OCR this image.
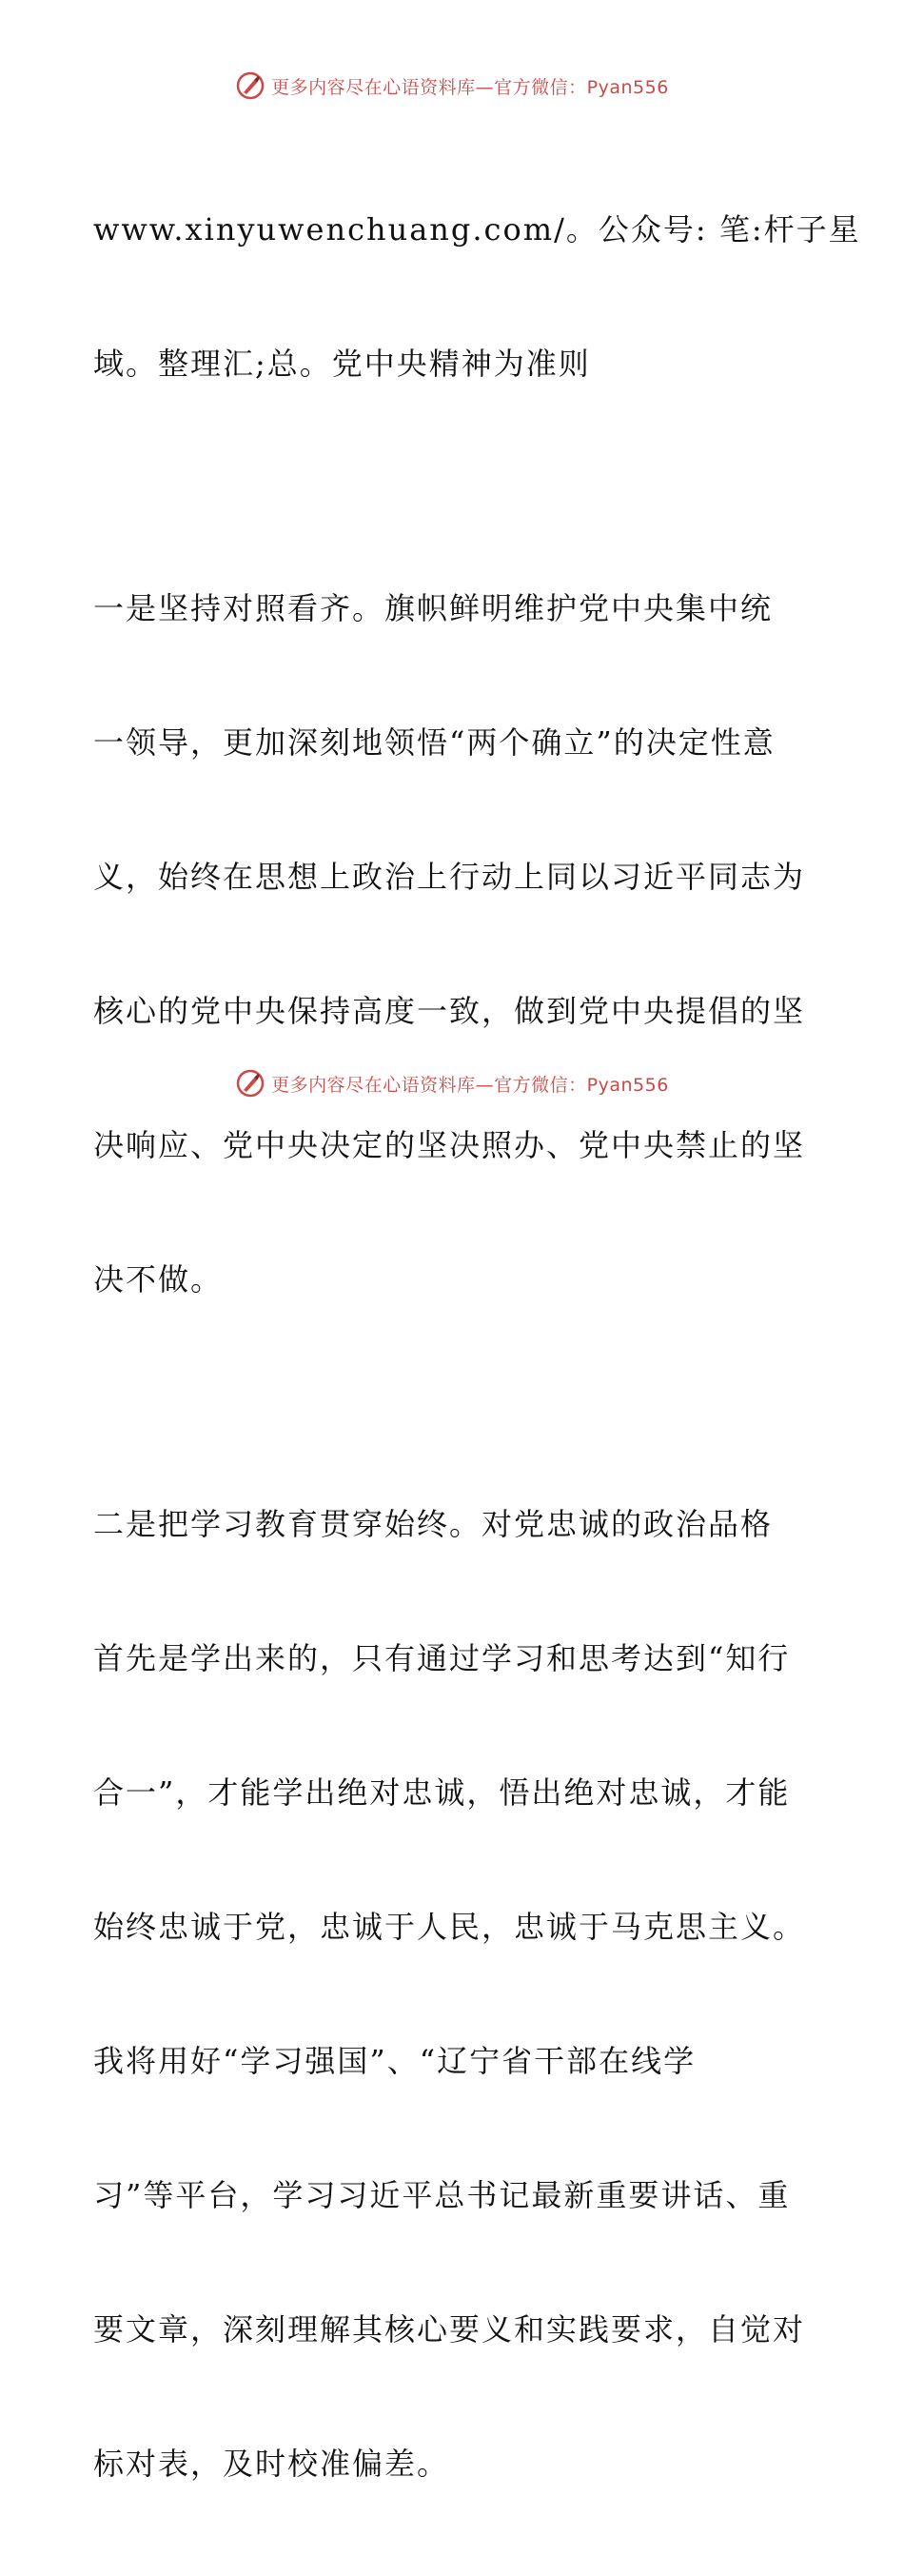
更多内容尽在心语资料库—官方微信：Pyan556

www.xinyuwenchuang.com/。公众号: 笔:杆子星

域。整理汇;总。党中央精神为准则

一是坚持对照看齐。旗帜鲜明维护党中央集中统

一领导，更加深刻地领悟“两个确立”的决定性意

义，始终在思想上政治上行动上同以习近平同志为

核心的党中央保持高度一致，做到党中央提倡的坚

决响应、党中央决定的坚决照办、党中央禁止的坚

决不做。

二是把学习教育贯穿始终。对党忠诚的政治品格

首先是学出来的，只有通过学习和思考达到“知行

合一”，才能学出绝对忠诚，悟出绝对忠诚，才能

始终忠诚于党，忠诚于人民，忠诚于马克思主义。

我将用好“学习强国”、“辽宁省干部在线学

习”等平台，学习习近平总书记最新重要讲话、重

要文章，深刻理解其核心要义和实践要求，自觉对

标对表，及时校准偏差。

更多内容尽在心语资料库—官方微信：Pyan556
